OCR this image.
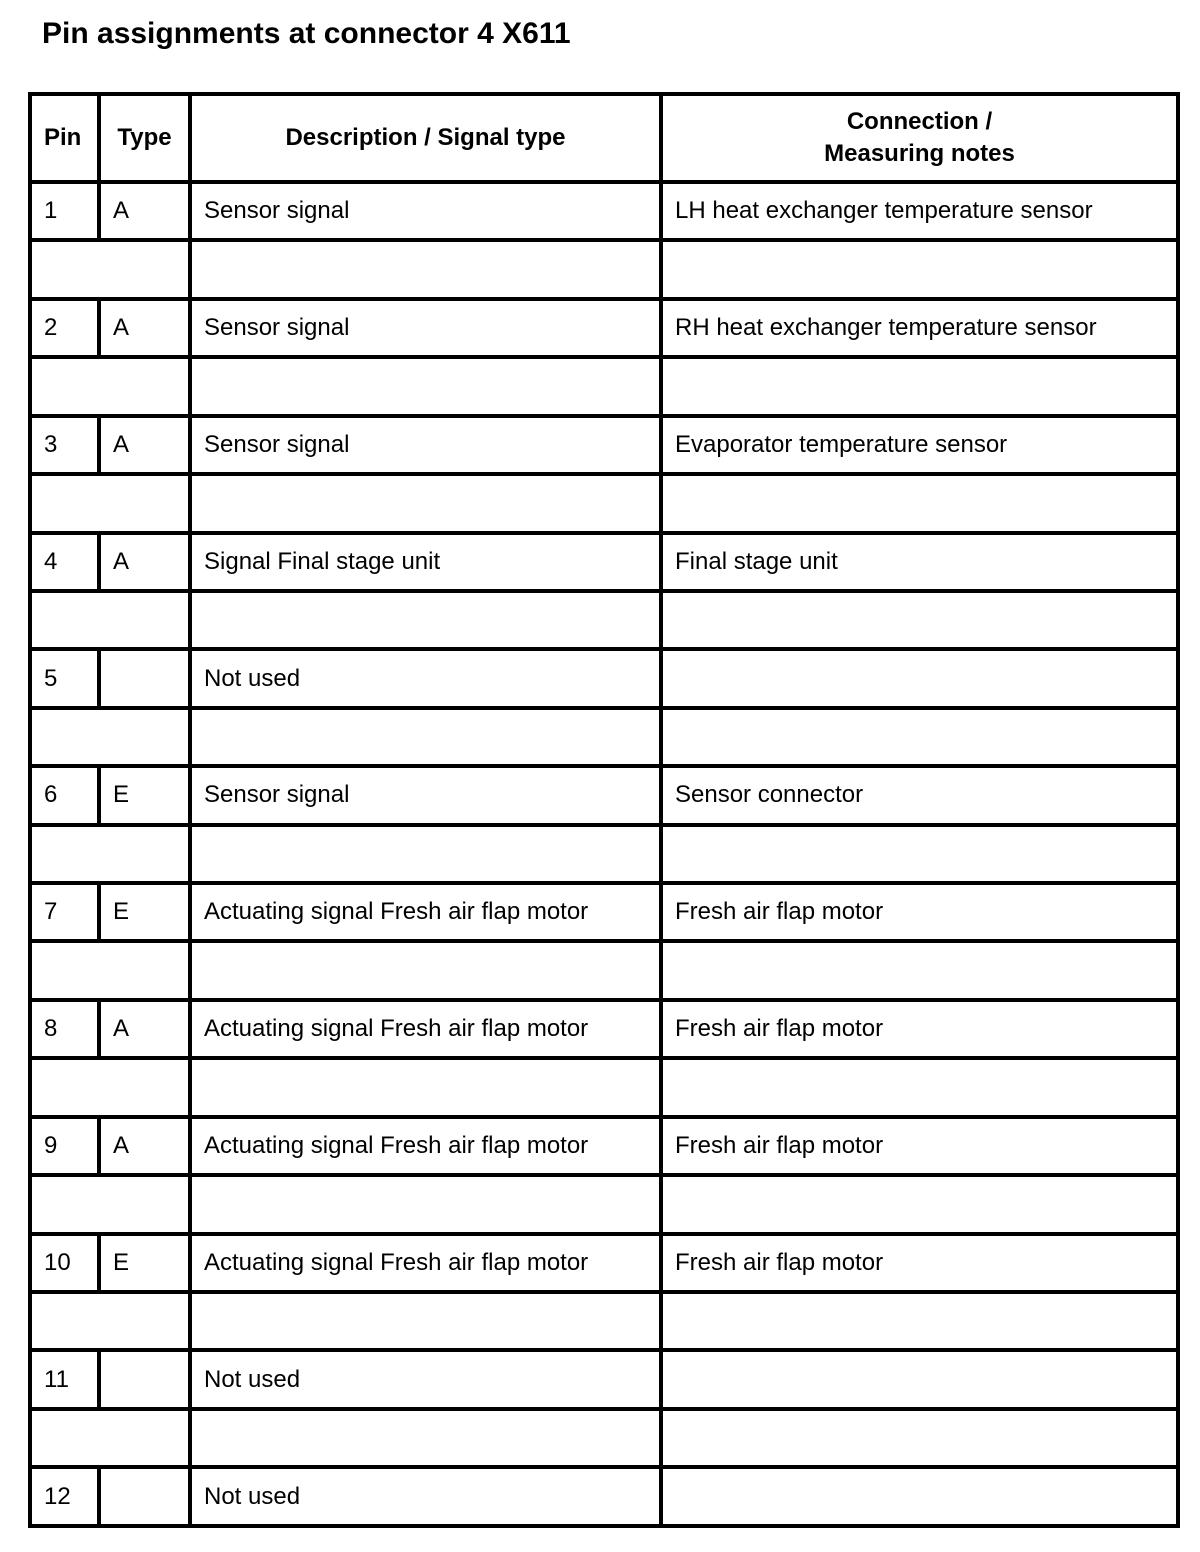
Pin assignments at connector 4 X611
Pin	Type	Description / Signal type	Connection /
Measuring notes

1	A	Sensor signal	LH heat exchanger temperature sensor

2	A	Sensor signal	RH heat exchanger temperature sensor

3	A	Sensor signal	Evaporator temperature sensor

4	A	Signal Final stage unit	Final stage unit

5		Not used	

6	E	Sensor signal	Sensor connector

7	E	Actuating signal Fresh air flap motor	Fresh air flap motor

8	A	Actuating signal Fresh air flap motor	Fresh air flap motor

9	A	Actuating signal Fresh air flap motor	Fresh air flap motor

10	E	Actuating signal Fresh air flap motor	Fresh air flap motor

11		Not used	

12		Not used	
